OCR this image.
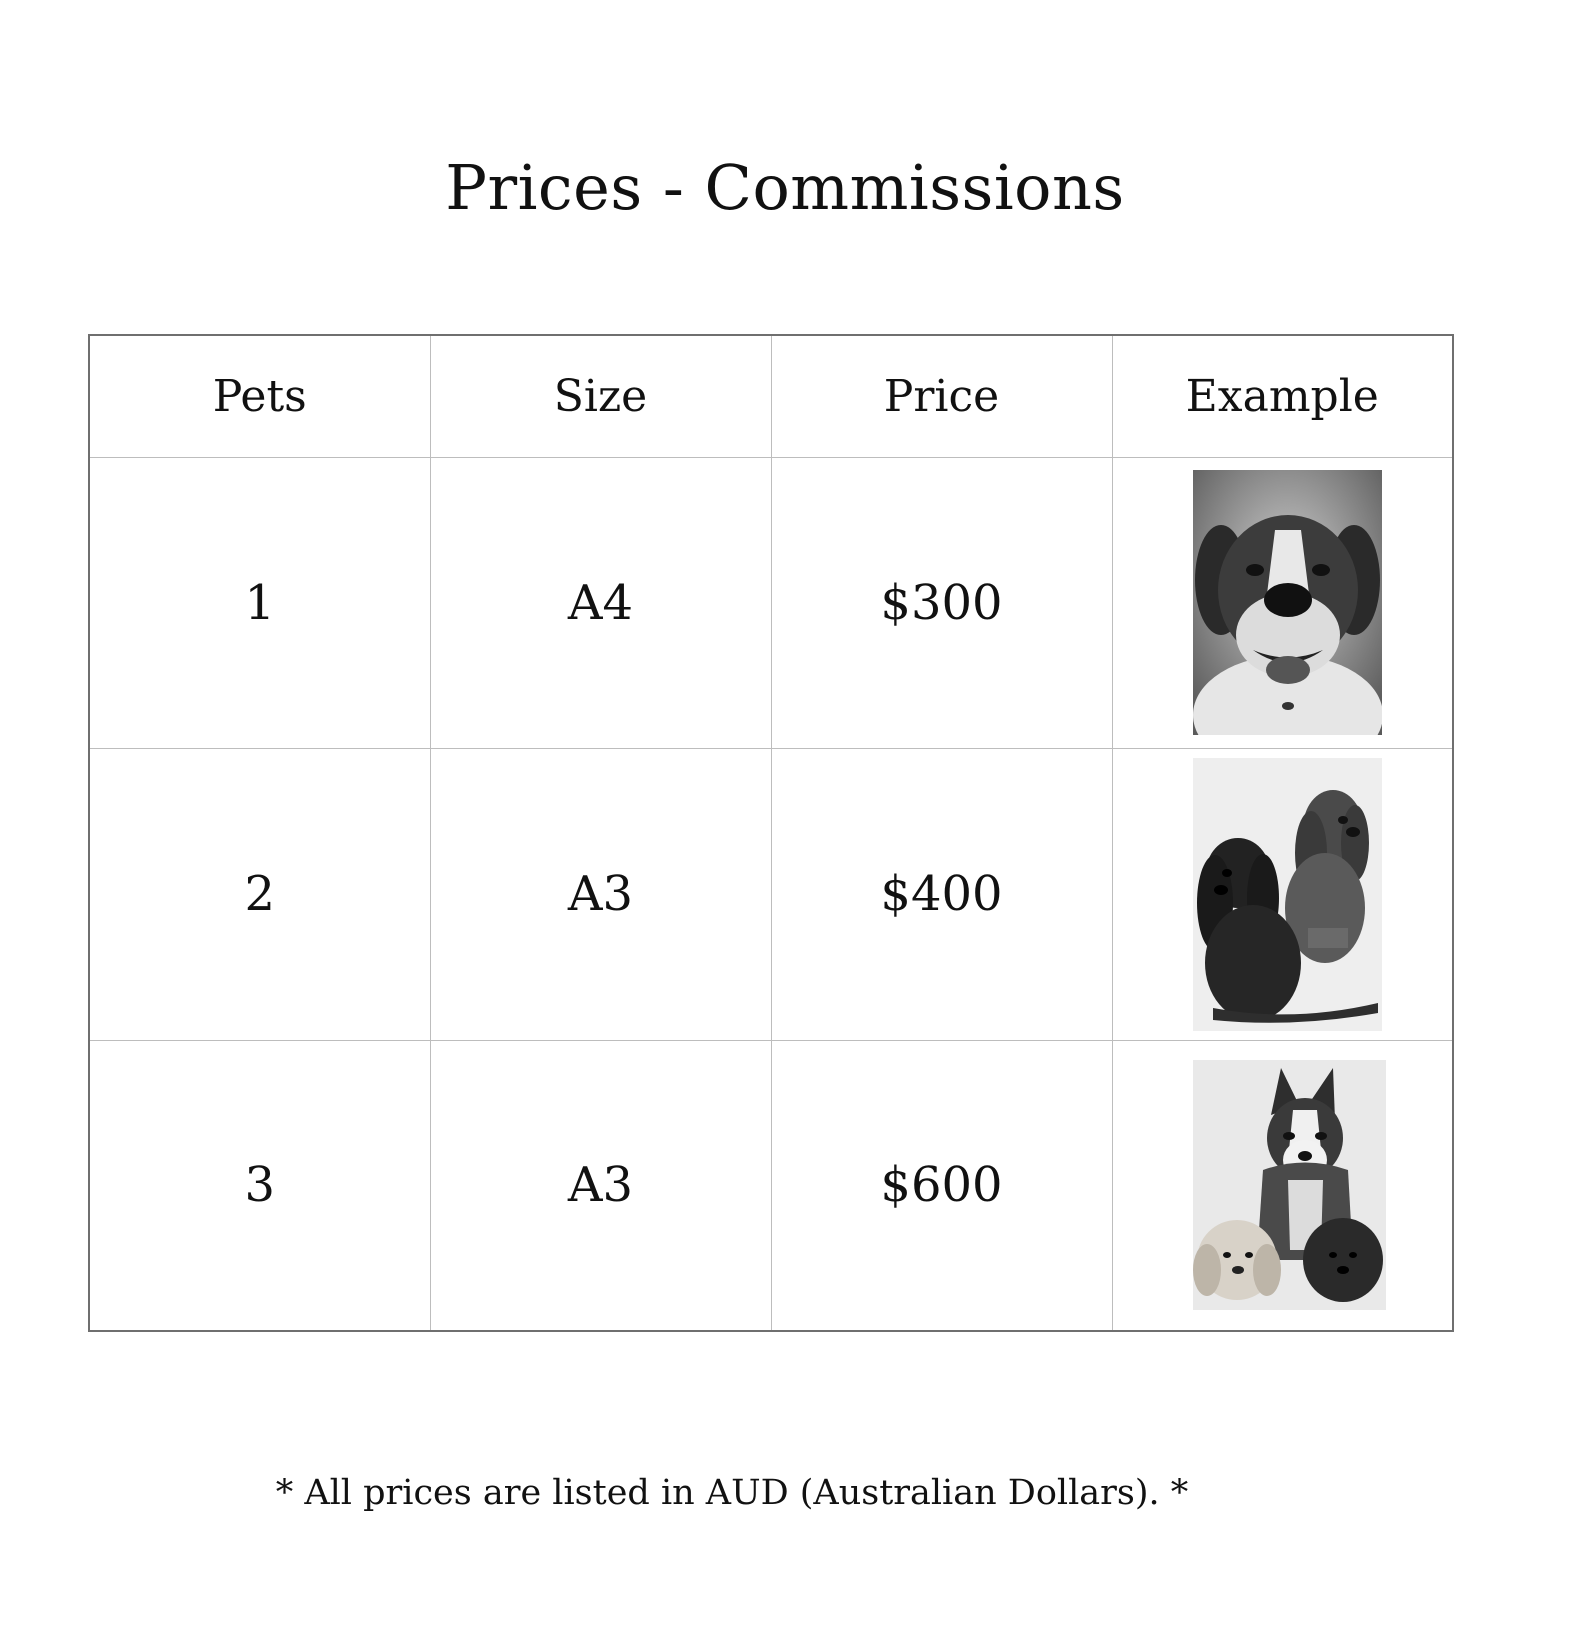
Prices - Commissions
Pets	Size	Price	Example
1	A4	$300	

2	A3	$400	

3	A3	$600	

* All prices are listed in AUD (Australian Dollars). *
